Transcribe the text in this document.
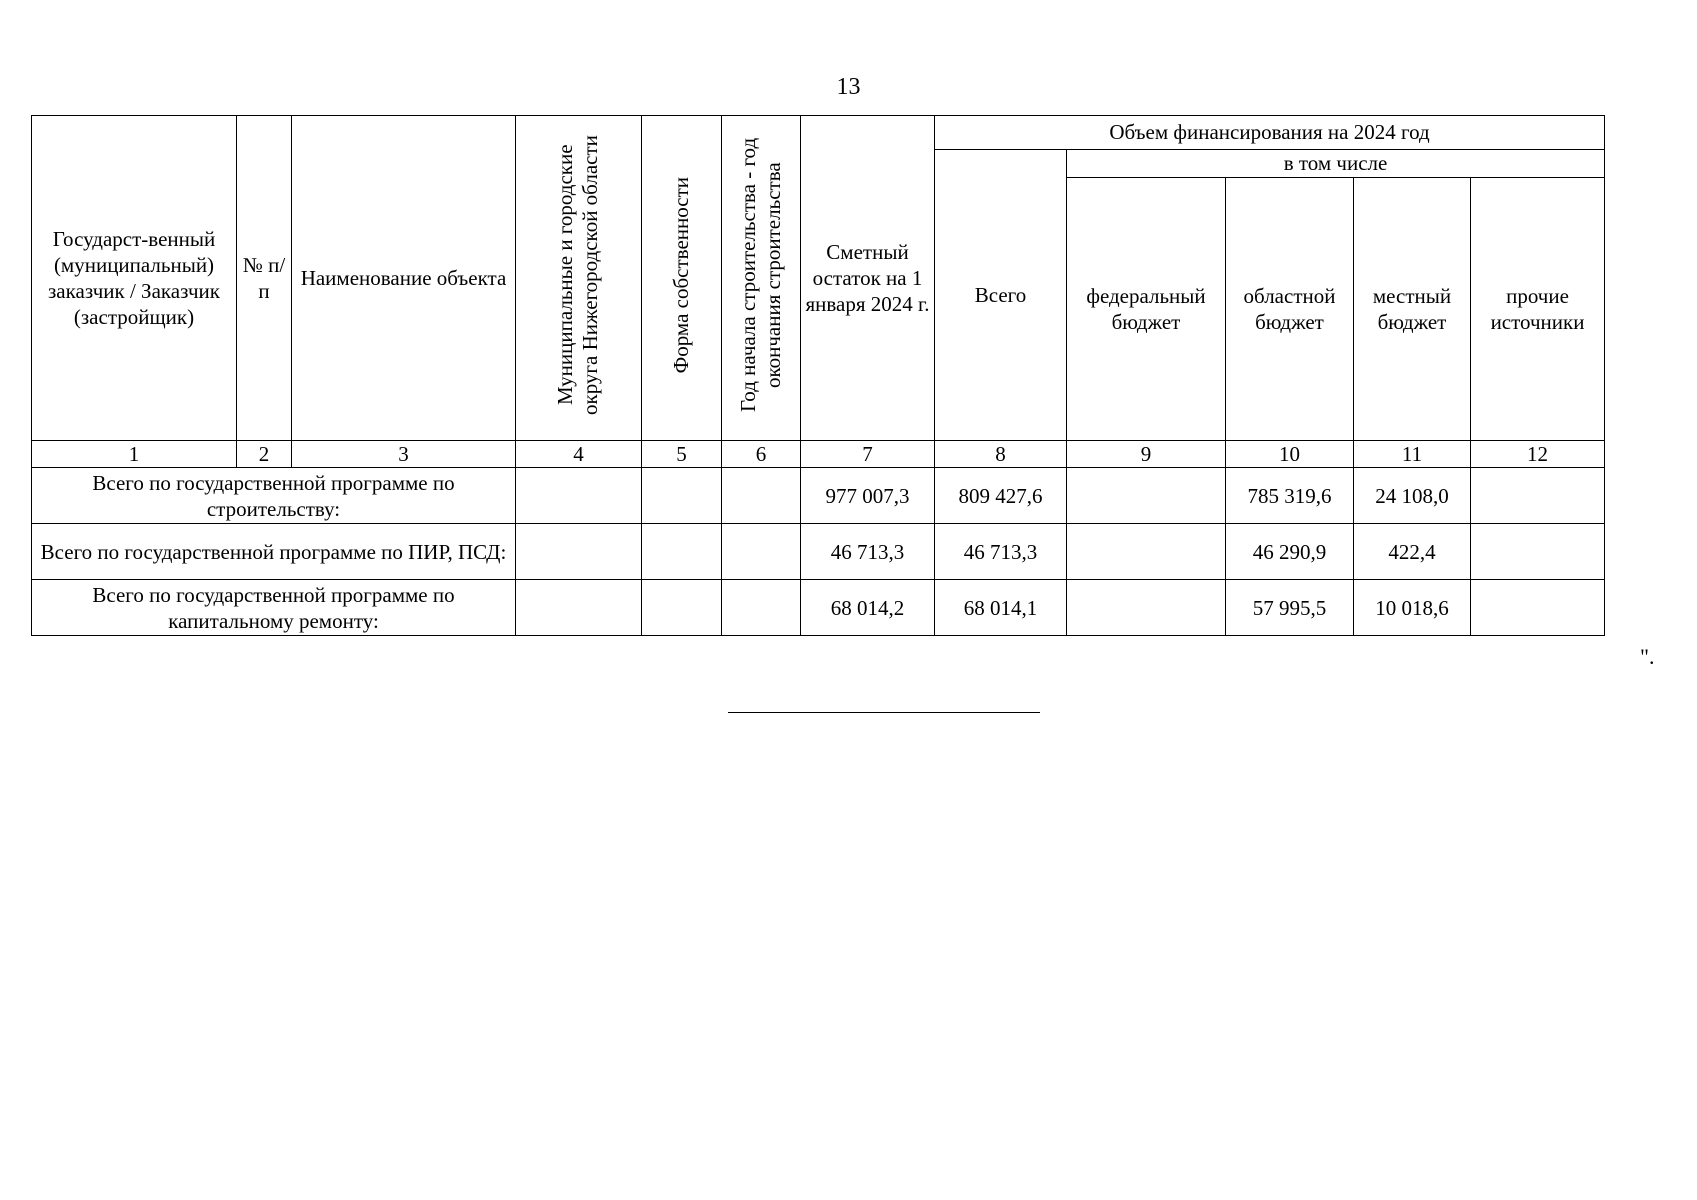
13
Государст-венный (муниципальный) заказчик / Заказчик (застройщик)	№ п/п	Наименование объекта	Муниципальные и городские округа Нижегородской области	Форма собственности	Год начала строительства - год окончания строительства	Сметный остаток на 1 января 2024 г.	Объем финансирования на 2024 год				
							Всего	в том числе			
								федеральный бюджет	областной бюджет	местный бюджет	прочие источники
1	2	3	4	5	6	7	8	9	10	11	12
Всего по государственной программе по строительству:						977 007,3	809 427,6		785 319,6	24 108,0	
Всего по государственной программе по ПИР, ПСД:						46 713,3	46 713,3		46 290,9	422,4	
Всего по государственной программе по капитальному ремонту:						68 014,2	68 014,1		57 995,5	10 018,6	
".
